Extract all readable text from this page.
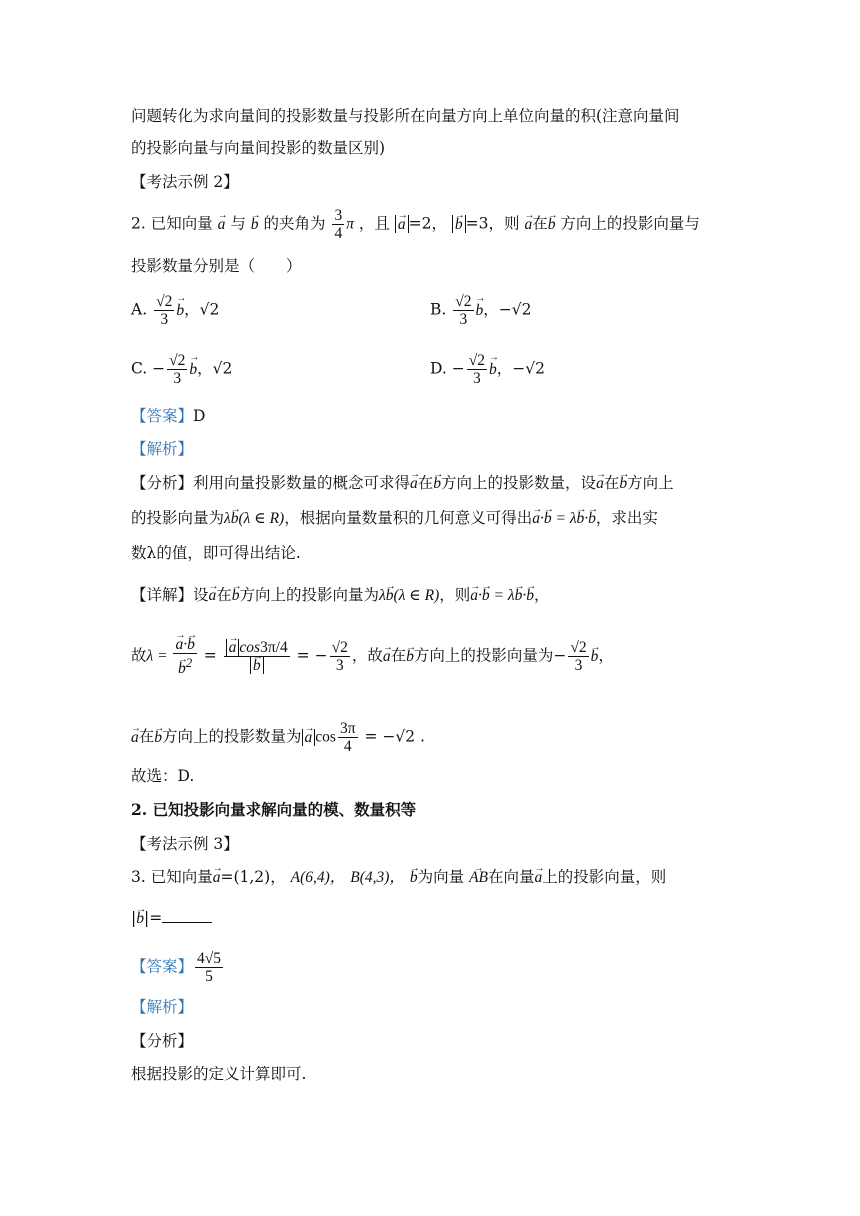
问题转化为求向量间的投影数量与投影所在向量方向上单位向量的积(注意向量间
的投影向量与向量间投影的数量区别)
【考法示例 2】
2. 已知向量 → a 与 → b 的夹角为 $\frac{3}{4}$ π ，且 → a =2， → b =3，则 → a在→ b 方向上的投影向量与
投影数量分别是（　　）
A. $\frac{√2}{3}$
→ b，√2	B. $\frac{√2}{3}$
→ b，−√2
C. − $\frac{√2}{3}$
→ b，√2	D. − $\frac{√2}{3}$
→ b，−√2
【答案】D
【解析】
【分析】利用向量投影数量的概念可求得→ a在→ b方向上的投影数量，设→ a在→ b方向上
的投影向量为λ→ b(λ ∈ R)，根据向量数量积的几何意义可得出→ a·→ b = λ→ b·→ b，求出实
数λ的值，即可得出结论.
【详解】设→ a在→ b方向上的投影向量为λ→ b(λ ∈ R)，则→ a·→ b = λ→ b·→ b，
故λ =
→ a·→ b
→ $b^2$ =
→ a cos3π/4
→ b = − $\frac{√2}{3}$ ，故→ a在→ b方向上的投影向量为− $\frac{√2}{3}$
→ b，
→ a在→ b方向上的投影数量为→ a $\cos \frac{3\pi}{4} = -√2$ .
故选：D.
2. 已知投影向量求解向量的模、数量积等
【考法示例 3】
3. 已知向量→ a=(1,2)， A(6,4)， B(4,3)， → b为向量 → AB在向量→ a上的投影向量，则
|→ b|=
【答案】 $\frac{4√5}{5}$
【解析】
【分析】
根据投影的定义计算即可.
